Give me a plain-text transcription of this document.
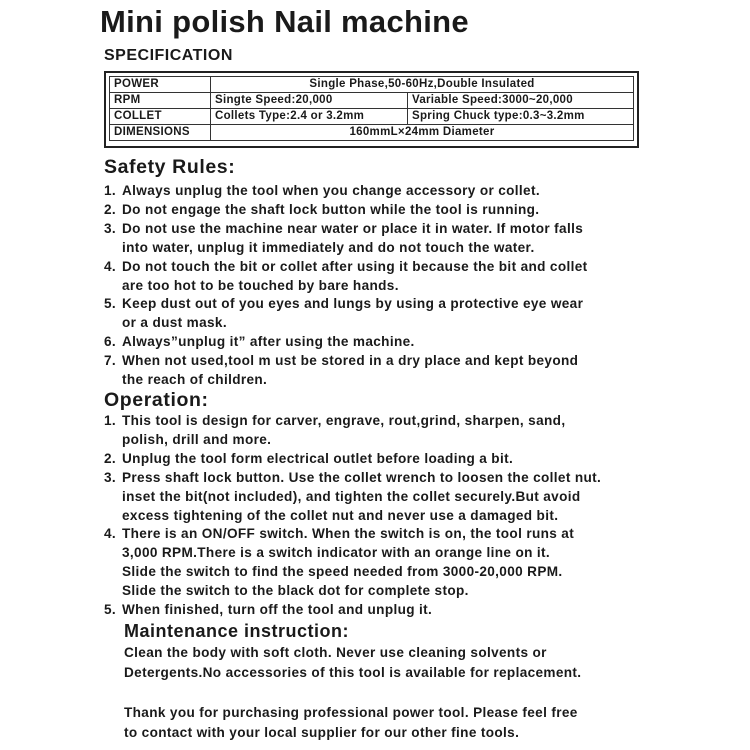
Mini polish Nail machine
SPECIFICATION
POWER	Single Phase,50-60Hz,Double Insulated	
RPM	Singte Speed:20,000	Variable Speed:3000~20,000
COLLET	Collets Type:2.4 or 3.2mm	Spring Chuck type:0.3~3.2mm
DIMENSIONS	160mmL×24mm Diameter	
Safety Rules:
1. Always unplug the tool when you change accessory or collet.
2. Do not engage the shaft lock button while the tool is running.
3. Do not use the machine near water or place it in water. If motor falls
into water, unplug it immediately and do not touch the water.
4. Do not touch the bit or collet after using it because the bit and collet
are too hot to be touched by bare hands.
5. Keep dust out of you eyes and lungs by using a protective eye wear
or a dust mask.
6. Always”unplug it” after using the machine.
7. When not used,tool m ust be stored in a dry place and kept beyond
the reach of children.
Operation:
1. This tool is design for carver, engrave, rout,grind, sharpen, sand,
polish, drill and more.
2. Unplug the tool form electrical outlet before loading a bit.
3. Press shaft lock button. Use the collet wrench to loosen the collet nut.
inset the bit(not included), and tighten the collet securely.But avoid
excess tightening of the collet nut and never use a damaged bit.
4. There is an ON/OFF switch. When the switch is on, the tool runs at
3,000 RPM.There is a switch indicator with an orange line on it.
Slide the switch to find the speed needed from 3000-20,000 RPM.
Slide the switch to the black dot for complete stop.
5. When finished, turn off the tool and unplug it.
Maintenance instruction:
Clean the body with soft cloth. Never use cleaning solvents or
Detergents.No accessories of this tool is available for replacement.
Thank you for purchasing professional power tool. Please feel free
to contact with your local supplier for our other fine tools.
